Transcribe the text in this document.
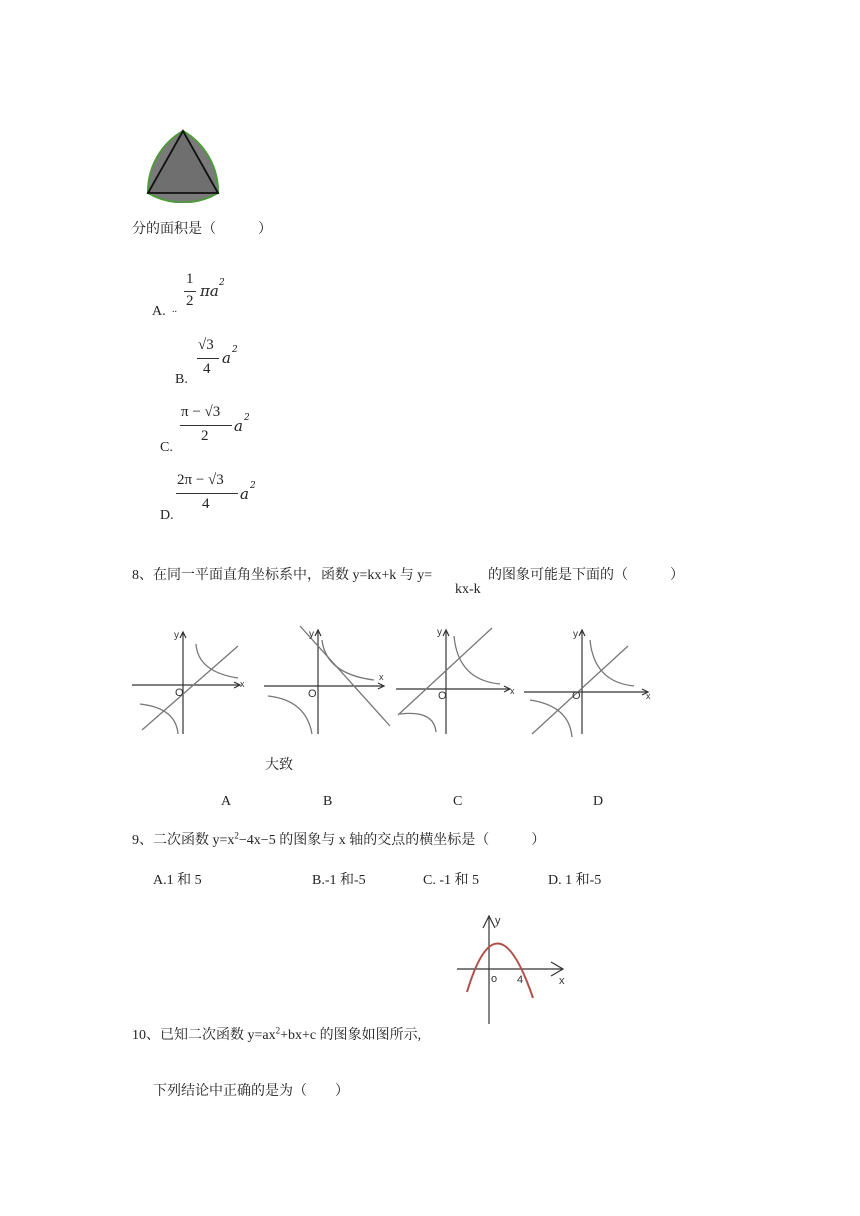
分的面积是（　　　）
A. ..
1
2
πa 2
B.
√3
4
a 2
C.
π − √3
2
a 2
D.
2π − √3
4
a 2
8、在同一平面直角坐标系中，函数 y=kx+k 与 y=	的图象可能是下面的（　　　）
kx-k
y
x
O
y
x
O
y
x
O
y
x
O
大致
A	B	C	D
9、二次函数 $y=x^2-4x-5$ 的图象与 x 轴的交点的横坐标是（　　　）
A.1 和 5	B.-1 和-5	C. -1 和 5	D. 1 和-5
y
x
o 4
10、已知二次函数 $y=ax^2+bx+c$ 的图象如图所示,
下列结论中正确的是为（　　）
